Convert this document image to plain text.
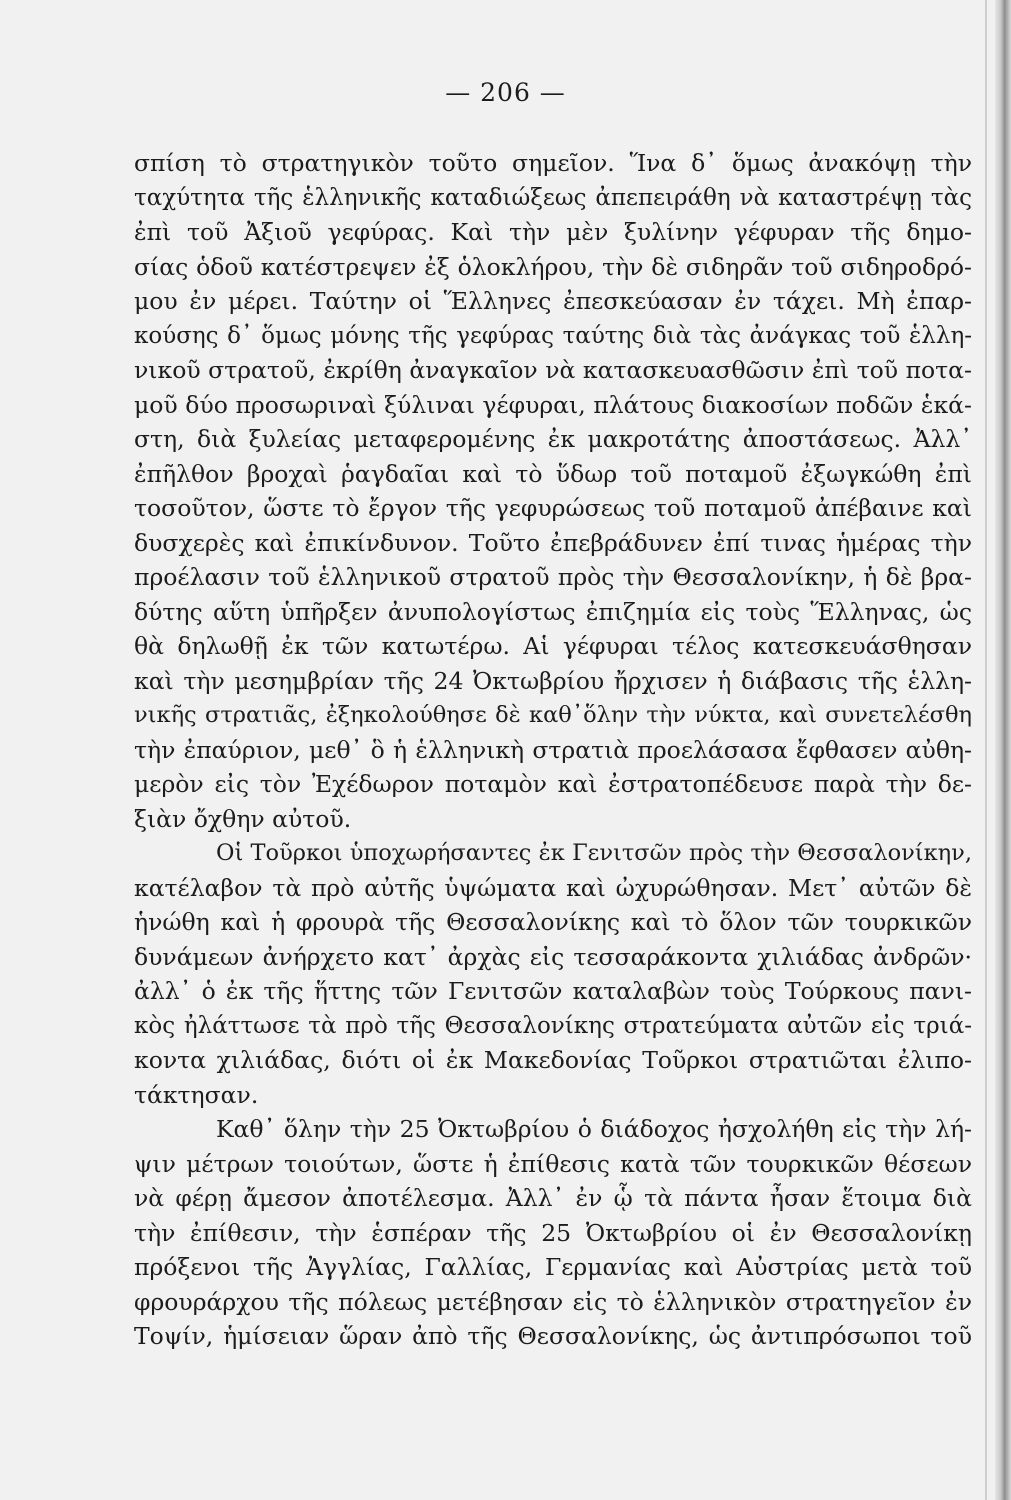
— 206 —
σπίση τὸ στρατηγικὸν τοῦτο σημεῖον. Ἵνα δ᾽ ὅμως ἀνακόψῃ τὴν
ταχύτητα τῆς ἑλληνικῆς καταδιώξεως ἀπεπειράθη νὰ καταστρέψῃ τὰς
ἐπὶ τοῦ Ἀξιοῦ γεφύρας. Καὶ τὴν μὲν ξυλίνην γέφυραν τῆς δημο-
σίας ὁδοῦ κατέστρεψεν ἐξ ὁλοκλήρου, τὴν δὲ σιδηρᾶν τοῦ σιδηροδρό-
μου ἐν μέρει. Ταύτην οἱ Ἕλληνες ἐπεσκεύασαν ἐν τάχει. Μὴ ἐπαρ-
κούσης δ᾽ ὅμως μόνης τῆς γεφύρας ταύτης διὰ τὰς ἀνάγκας τοῦ ἑλλη-
νικοῦ στρατοῦ, ἐκρίθη ἀναγκαῖον νὰ κατασκευασθῶσιν ἐπὶ τοῦ ποτα-
μοῦ δύο προσωριναὶ ξύλιναι γέφυραι, πλάτους διακοσίων ποδῶν ἑκά-
στη, διὰ ξυλείας μεταφερομένης ἐκ μακροτάτης ἀποστάσεως. Ἀλλ᾽
ἐπῆλθον βροχαὶ ῥαγδαῖαι καὶ τὸ ὕδωρ τοῦ ποταμοῦ ἐξωγκώθη ἐπὶ
τοσοῦτον, ὥστε τὸ ἔργον τῆς γεφυρώσεως τοῦ ποταμοῦ ἀπέβαινε καὶ
δυσχερὲς καὶ ἐπικίνδυνον. Τοῦτο ἐπεβράδυνεν ἐπί τινας ἡμέρας τὴν
προέλασιν τοῦ ἑλληνικοῦ στρατοῦ πρὸς τὴν Θεσσαλονίκην, ἡ δὲ βρα-
δύτης αὕτη ὑπῆρξεν ἀνυπολογίστως ἐπιζημία εἰς τοὺς Ἕλληνας, ὡς
θὰ δηλωθῇ ἐκ τῶν κατωτέρω. Αἱ γέφυραι τέλος κατεσκευάσθησαν
καὶ τὴν μεσημβρίαν τῆς 24 Ὀκτωβρίου ἤρχισεν ἡ διάβασις τῆς ἑλλη-
νικῆς στρατιᾶς, ἐξηκολούθησε δὲ καθ᾽ὅλην τὴν νύκτα, καὶ συνετελέσθη
τὴν ἐπαύριον, μεθ᾽ ὃ ἡ ἑλληνικὴ στρατιὰ προελάσασα ἔφθασεν αὐθη-
μερὸν εἰς τὸν Ἐχέδωρον ποταμὸν καὶ ἐστρατοπέδευσε παρὰ τὴν δε-
ξιὰν ὄχθην αὐτοῦ.
Οἱ Τοῦρκοι ὑποχωρήσαντες ἐκ Γενιτσῶν πρὸς τὴν Θεσσαλονίκην,
κατέλαβον τὰ πρὸ αὐτῆς ὑψώματα καὶ ὠχυρώθησαν. Μετ᾽ αὐτῶν δὲ
ἡνώθη καὶ ἡ φρουρὰ τῆς Θεσσαλονίκης καὶ τὸ ὅλον τῶν τουρκικῶν
δυνάμεων ἀνήρχετο κατ᾽ ἀρχὰς εἰς τεσσαράκοντα χιλιάδας ἀνδρῶν·
ἀλλ᾽ ὁ ἐκ τῆς ἥττης τῶν Γενιτσῶν καταλαβὼν τοὺς Τούρκους πανι-
κὸς ἠλάττωσε τὰ πρὸ τῆς Θεσσαλονίκης στρατεύματα αὐτῶν εἰς τριά-
κοντα χιλιάδας, διότι οἱ ἐκ Μακεδονίας Τοῦρκοι στρατιῶται ἐλιπο-
τάκτησαν.
Καθ᾽ ὅλην τὴν 25 Ὀκτωβρίου ὁ διάδοχος ἠσχολήθη εἰς τὴν λή-
ψιν μέτρων τοιούτων, ὥστε ἡ ἐπίθεσις κατὰ τῶν τουρκικῶν θέσεων
νὰ φέρῃ ἄμεσον ἀποτέλεσμα. Ἀλλ᾽ ἐν ᾧ τὰ πάντα ἦσαν ἕτοιμα διὰ
τὴν ἐπίθεσιν, τὴν ἑσπέραν τῆς 25 Ὀκτωβρίου οἱ ἐν Θεσσαλονίκῃ
πρόξενοι τῆς Ἀγγλίας, Γαλλίας, Γερμανίας καὶ Αὐστρίας μετὰ τοῦ
φρουράρχου τῆς πόλεως μετέβησαν εἰς τὸ ἑλληνικὸν στρατηγεῖον ἐν
Τοψίν, ἡμίσειαν ὥραν ἀπὸ τῆς Θεσσαλονίκης, ὡς ἀντιπρόσωποι τοῦ
